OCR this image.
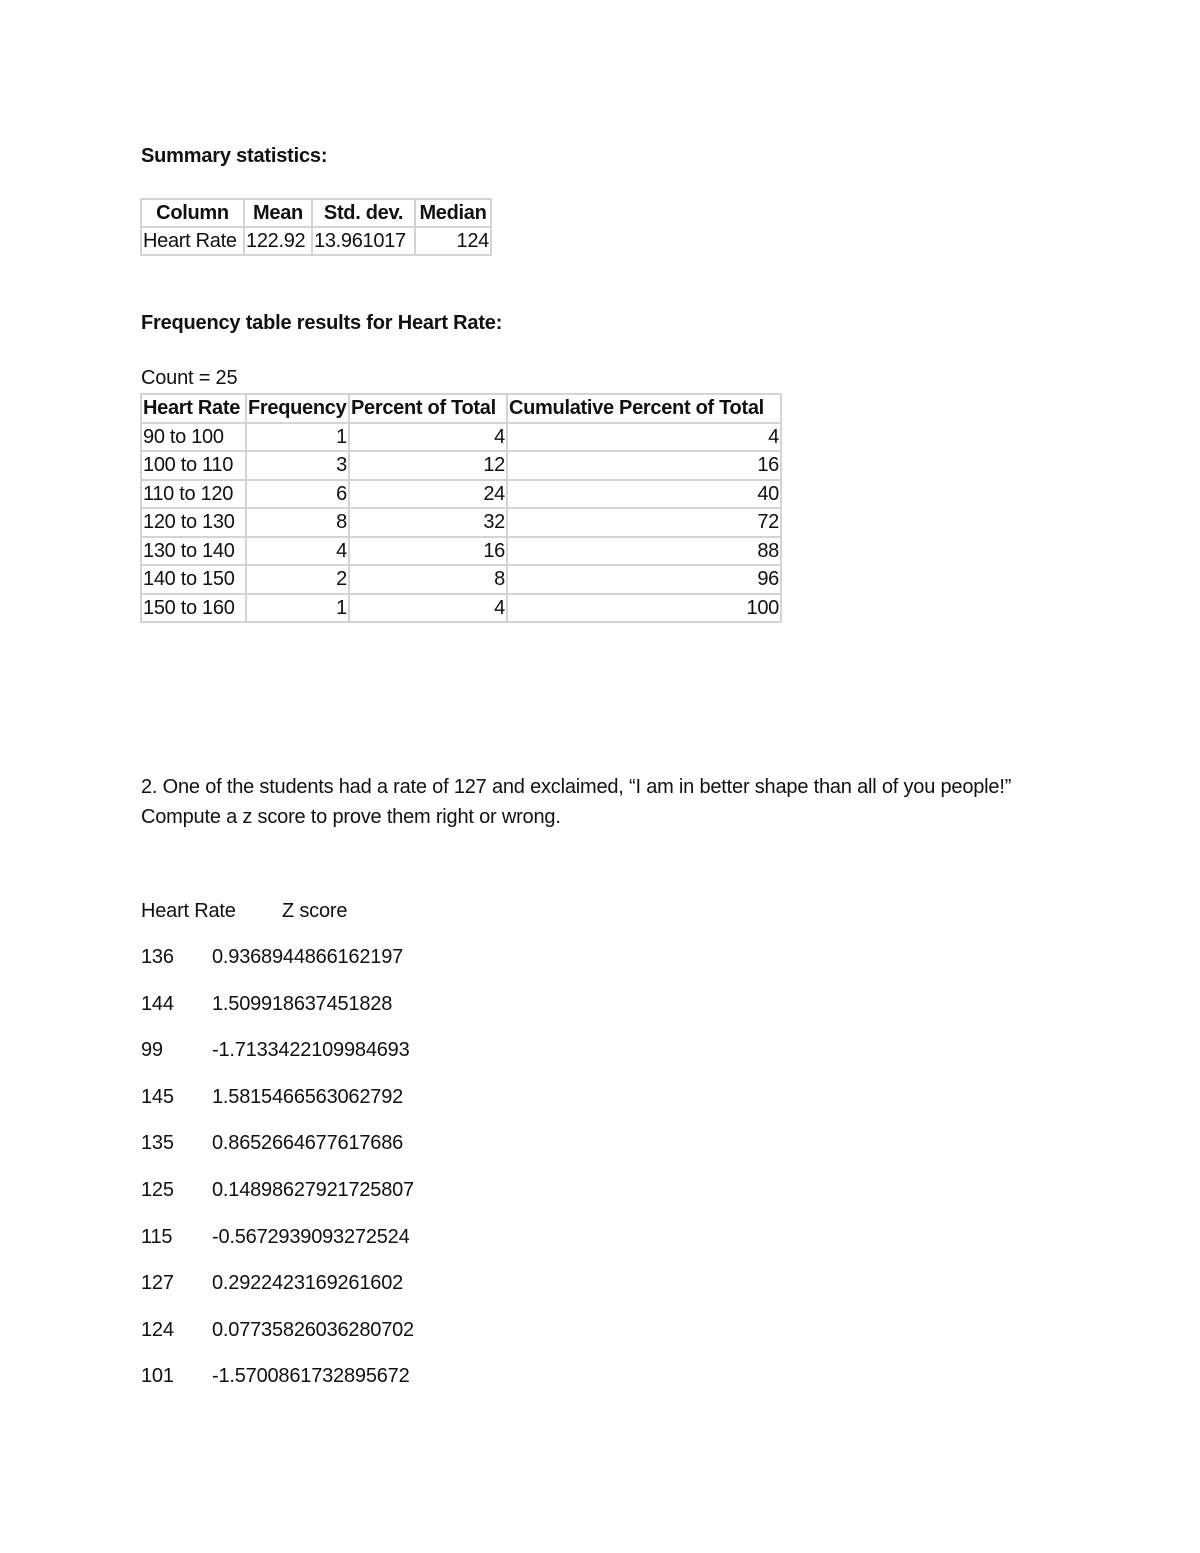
Summary statistics:
Column	Mean	Std. dev.	Median
Heart Rate	122.92	13.961017	124
Frequency table results for Heart Rate:
Count = 25
Heart Rate	Frequency	Percent of Total	Cumulative Percent of Total
90 to 100	1	4	4
100 to 110	3	12	16
110 to 120	6	24	40
120 to 130	8	32	72
130 to 140	4	16	88
140 to 150	2	8	96
150 to 160	1	4	100
2. One of the students had a rate of 127 and exclaimed, “I am in better shape than all of you people!” Compute a z score to prove them right or wrong.
Heart Rate Z score
136 0.9368944866162197
144 1.509918637451828
99 -1.7133422109984693
145 1.5815466563062792
135 0.8652664677617686
125 0.14898627921725807
115 -0.5672939093272524
127 0.2922423169261602
124 0.07735826036280702
101 -1.5700861732895672
